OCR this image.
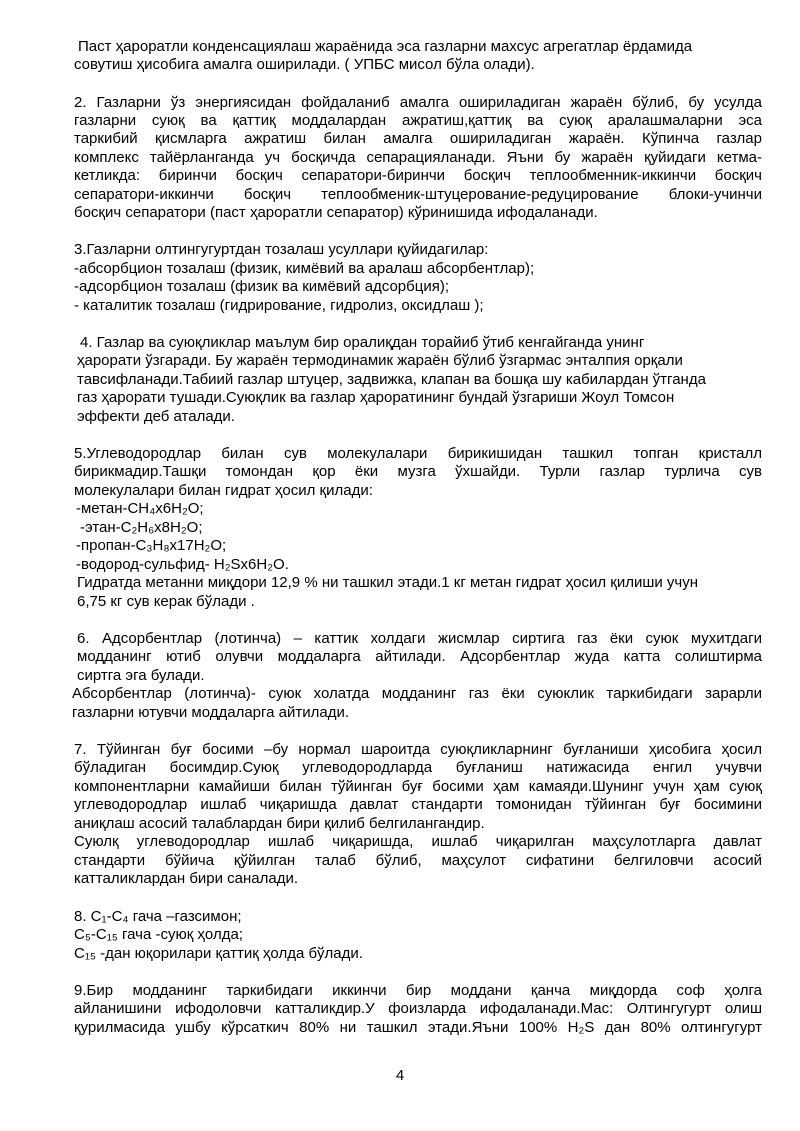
Паст ҳароратли конденсациялаш жараёнида эса газларни махсус агрегатлар ёрдамида
совутиш ҳисобига амалга оширилади. ( УПБС мисол бўла олади).
2. Газларни ўз энергиясидан фойдаланиб амалга ошириладиган жараён бўлиб, бу усулда
газларни суюқ ва қаттиқ моддалардан ажратиш,қаттиқ ва суюқ аралашмаларни эса
таркибий қисмларга ажратиш билан амалга ошириладиган жараён. Кўпинча газлар
комплекс тайёрланганда уч босқичда сепарацияланади. Яъни бу жараён қуйидаги кетма-
кетликда: биринчи босқич сепаратори-биринчи босқич теплообменник-иккинчи босқич
сепаратори-иккинчи босқич теплообменик-штуцерование-редуцирование блоки-учинчи
босқич сепаратори (паст ҳароратли сепаратор) кўринишида ифодаланади.
3.Газларни олтингугуртдан тозалаш усуллари қуйидагилар:
-абсорбцион тозалаш (физик, кимёвий ва аралаш абсорбентлар);
-адсорбцион тозалаш (физик ва кимёвий адсорбция);
- каталитик тозалаш (гидрирование, гидролиз, оксидлаш );
4. Газлар ва суюқликлар маълум бир оралиқдан торайиб ўтиб кенгайганда унинг
ҳарорати ўзгаради. Бу жараён термодинамик жараён бўлиб ўзгармас энталпия орқали
тавсифланади.Табиий газлар штуцер, задвижка, клапан ва бошқа шу кабилардан ўтганда
газ ҳарорати тушади.Суюқлик ва газлар ҳароратининг бундай ўзгариши Жоул Томсон
эффекти деб аталади.
5.Углеводородлар билан сув молекулалари бирикишидан ташкил топган кристалл
бирикмадир.Ташқи томондан қор ёки музга ўхшайди. Турли газлар турлича сув
молекулалари билан гидрат ҳосил қилади:
-метан-CH₄x6H₂O;
-этан-C₂H₆x8H₂O;
-пропан-C₃H₈x17H₂O;
-водород-сульфид- H₂Sx6H₂O.
Гидратда метанни миқдори 12,9 % ни ташкил этади.1 кг метан гидрат ҳосил қилиши учун
6,75 кг сув керак бўлади .
6. Адсорбентлар (лотинча) – каттик холдаги жисмлар сиртига газ ёки суюк мухитдаги
модданинг ютиб олувчи моддаларга айтилади. Адсорбентлар жуда катта солиштирма
сиртга эга булади.
Абсорбентлар (лотинча)- суюк холатда модданинг газ ёки суюклик таркибидаги зарарли
газларни ютувчи моддаларга айтилади.
7. Тўйинган буғ босими –бу нормал шароитда суюқликларнинг буғланиши ҳисобига ҳосил
бўладиган босимдир.Суюқ углеводородларда буғланиш натижасида енгил учувчи
компонентларни камайиши билан тўйинган буғ босими ҳам камаяди.Шунинг учун ҳам суюқ
углеводородлар ишлаб чиқаришда давлат стандарти томонидан тўйинган буғ босимини
аниқлаш асосий талаблардан бири қилиб белгилангандир.
Суюлқ углеводородлар ишлаб чиқаришда, ишлаб чиқарилган маҳсулотларга давлат
стандарти бўйича қўйилган талаб бўлиб, маҳсулот сифатини белгиловчи асосий
катталиклардан бири саналади.
8. C₁-C₄ гача –газсимон;
C₅-C₁₅ гача -суюқ ҳолда;
C₁₅ -дан юқорилари қаттиқ ҳолда бўлади.
9.Бир модданинг таркибидаги иккинчи бир моддани қанча миқдорда соф ҳолга
айланишини ифодоловчи катталикдир.У фоизларда ифодаланади.Мас: Олтингугурт олиш
қурилмасида ушбу кўрсаткич 80% ни ташкил этади.Яъни 100% H₂S дан 80% олтингугурт
4
